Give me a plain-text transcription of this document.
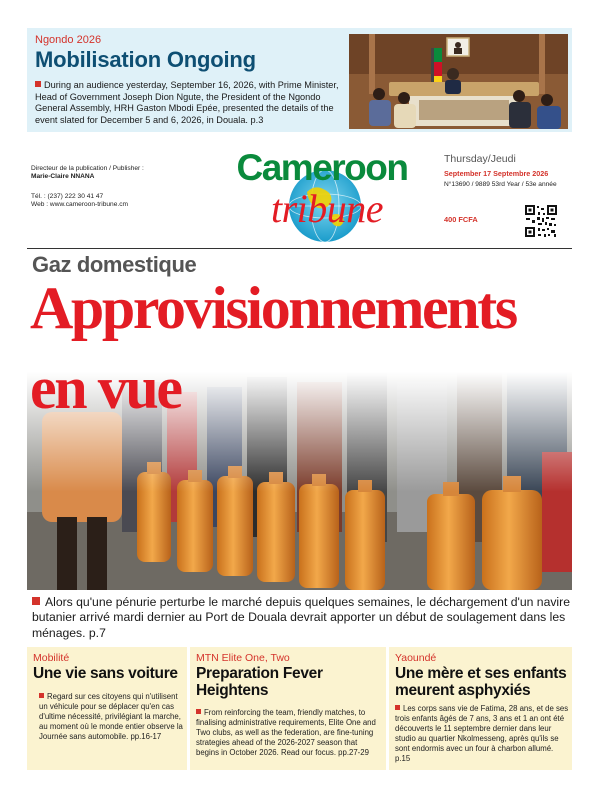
Ngondo 2026
Mobilisation Ongoing
During an audience yesterday, September 16, 2026, with Prime Minister, Head of Government Joseph Dion Ngute, the President of the Ngondo General Assembly, HRH Gaston Mbodi Epée, presented the details of the event slated for December 5 and 6, 2026, in Douala. p.3
Directeur de la publication / Publisher :
Marie-Claire NNANA
Tél. : (237) 222 30 41 47
Web : www.cameroon-tribune.cm
Cameroon
tribune
Thursday/Jeudi
September 17 Septembre 2026
N°13690 / 9889 53rd Year / 53e année
400 FCFA
Gaz domestique
Approvisionnements
en vue
Alors qu'une pénurie perturbe le marché depuis quelques semaines, le déchargement d'un navire butanier arrivé mardi dernier au Port de Douala devrait apporter un début de soulagement dans les ménages. p.7
Mobilité
Une vie sans voiture
Regard sur ces citoyens qui n'utilisent un véhicule pour se déplacer qu'en cas d'ultime nécessité, privilégiant la marche, au moment où le monde entier observe la Journée sans automobile. pp.16-17
MTN Elite One, Two
Preparation Fever Heightens
From reinforcing the team, friendly matches, to finalising administrative requirements, Elite One and Two clubs, as well as the federation, are fine-tuning strategies ahead of the 2026-2027 season that begins in October 2026. Read our focus. pp.27-29
Yaoundé
Une mère et ses enfants meurent asphyxiés
Les corps sans vie de Fatima, 28 ans, et de ses trois enfants âgés de 7 ans, 3 ans et 1 an ont été découverts le 11 septembre dernier dans leur studio au quartier Nkolmesseng, après qu'ils se sont endormis avec un four à charbon allumé. p.15
